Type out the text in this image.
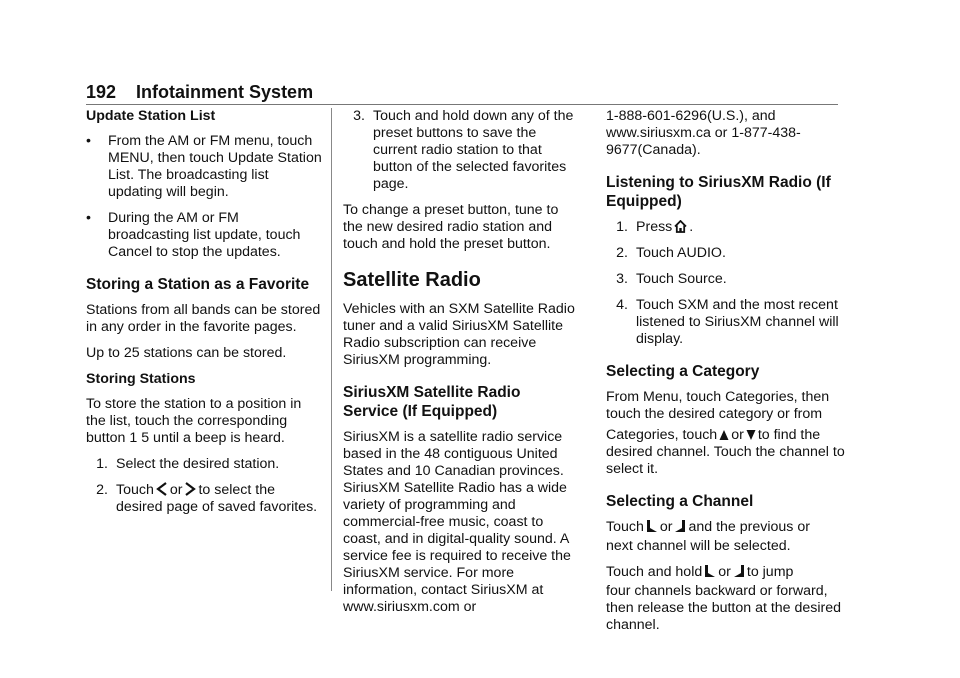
192 Infotainment System

Update Station List

• From the AM or FM menu, touch MENU, then touch Update Station List. The broadcasting list updating will begin.
• During the AM or FM broadcasting list update, touch Cancel to stop the updates.
Storing a Station as a Favorite

Stations from all bands can be stored in any order in the favorite pages.

Up to 25 stations can be stored.

Storing Stations

To store the station to a position in the list, touch the corresponding button 1 5 until a beep is heard.

1. Select the desired station.
2. Touch or to select the
desired page of saved favorites.
3. Touch and hold down any of the preset buttons to save the current radio station to that button of the selected favorites page.

To change a preset button, tune to the new desired radio station and touch and hold the preset button.

Satellite Radio

Vehicles with an SXM Satellite Radio tuner and a valid SiriusXM Satellite Radio subscription can receive SiriusXM programming.

SiriusXM Satellite Radio Service (If Equipped)

SiriusXM is a satellite radio service based in the 48 contiguous United States and 10 Canadian provinces. SiriusXM Satellite Radio has a wide variety of programming and commercial-free music, coast to coast, and in digital-quality sound. A service fee is required to receive the SiriusXM service. For more information, contact SiriusXM at www.siriusxm.com or

1-888-601-6296(U.S.), and www.siriusxm.ca or 1-877-438-9677(Canada).

Listening to SiriusXM Radio (If Equipped)
1. Press .
2. Touch AUDIO.
3. Touch Source.
4. Touch SXM and the most recent listened to SiriusXM channel will display.
Selecting a Category

From Menu, touch Categories, then touch the desired category or from

Categories, touch or to find the

desired channel. Touch the channel to select it.

Selecting a Channel

Touch or and the previous or

next channel will be selected.

Touch and hold or to jump

four channels backward or forward, then release the button at the desired channel.
